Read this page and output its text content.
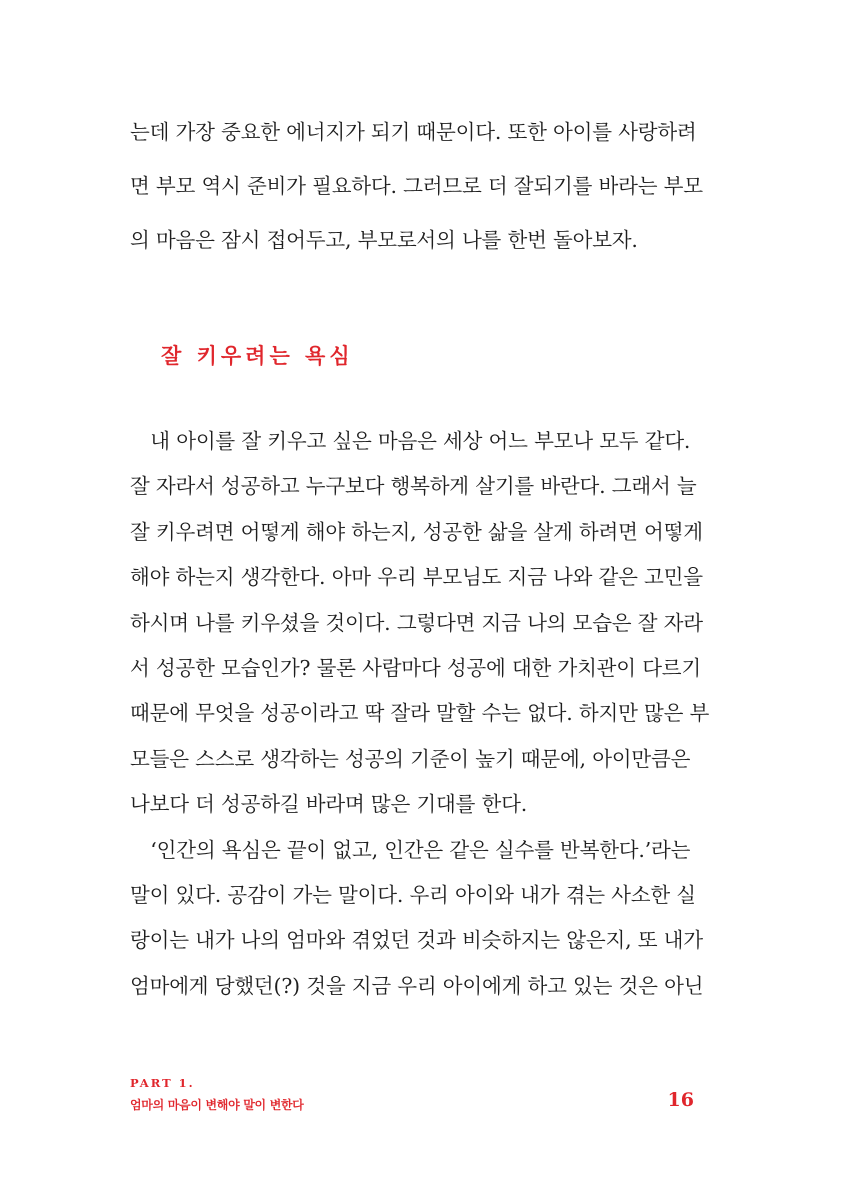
는데 가장 중요한 에너지가 되기 때문이다. 또한 아이를 사랑하려
면 부모 역시 준비가 필요하다. 그러므로 더 잘되기를 바라는 부모
의 마음은 잠시 접어두고, 부모로서의 나를 한번 돌아보자.
잘 키우려는 욕심
　내 아이를 잘 키우고 싶은 마음은 세상 어느 부모나 모두 같다.
잘 자라서 성공하고 누구보다 행복하게 살기를 바란다. 그래서 늘
잘 키우려면 어떻게 해야 하는지, 성공한 삶을 살게 하려면 어떻게
해야 하는지 생각한다. 아마 우리 부모님도 지금 나와 같은 고민을
하시며 나를 키우셨을 것이다. 그렇다면 지금 나의 모습은 잘 자라
서 성공한 모습인가? 물론 사람마다 성공에 대한 가치관이 다르기
때문에 무엇을 성공이라고 딱 잘라 말할 수는 없다. 하지만 많은 부
모들은 스스로 생각하는 성공의 기준이 높기 때문에, 아이만큼은
나보다 더 성공하길 바라며 많은 기대를 한다.
　‘인간의 욕심은 끝이 없고, 인간은 같은 실수를 반복한다.’라는
말이 있다. 공감이 가는 말이다. 우리 아이와 내가 겪는 사소한 실
랑이는 내가 나의 엄마와 겪었던 것과 비슷하지는 않은지, 또 내가
엄마에게 당했던(?) 것을 지금 우리 아이에게 하고 있는 것은 아닌
PART 1.
엄마의 마음이 변해야 말이 변한다	16
